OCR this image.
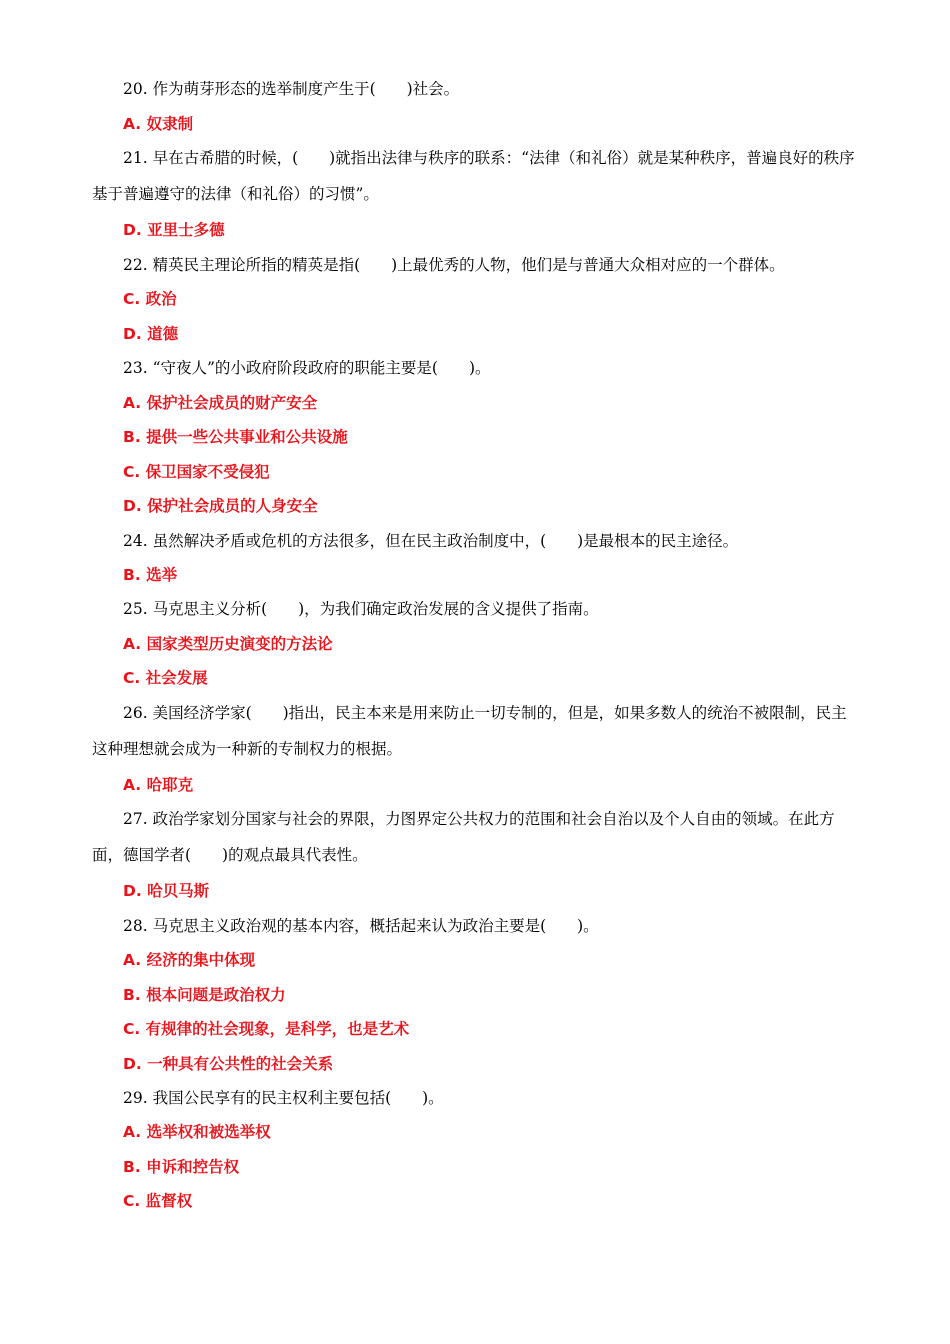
20. 作为萌芽形态的选举制度产生于(　　)社会。
A. 奴隶制
21. 早在古希腊的时候，(　　)就指出法律与秩序的联系：“法律（和礼俗）就是某种秩序，普遍良好的秩序基于普遍遵守的法律（和礼俗）的习惯”。
D. 亚里士多德
22. 精英民主理论所指的精英是指(　　)上最优秀的人物，他们是与普通大众相对应的一个群体。
C. 政治
D. 道德
23. “守夜人”的小政府阶段政府的职能主要是(　　)。
A. 保护社会成员的财产安全
B. 提供一些公共事业和公共设施
C. 保卫国家不受侵犯
D. 保护社会成员的人身安全
24. 虽然解决矛盾或危机的方法很多，但在民主政治制度中，(　　)是最根本的民主途径。
B. 选举
25. 马克思主义分析(　　)，为我们确定政治发展的含义提供了指南。
A. 国家类型历史演变的方法论
C. 社会发展
26. 美国经济学家(　　)指出，民主本来是用来防止一切专制的，但是，如果多数人的统治不被限制，民主这种理想就会成为一种新的专制权力的根据。
A. 哈耶克
27. 政治学家划分国家与社会的界限，力图界定公共权力的范围和社会自治以及个人自由的领域。在此方面，德国学者(　　)的观点最具代表性。
D. 哈贝马斯
28. 马克思主义政治观的基本内容，概括起来认为政治主要是(　　)。
A. 经济的集中体现
B. 根本问题是政治权力
C. 有规律的社会现象，是科学，也是艺术
D. 一种具有公共性的社会关系
29. 我国公民享有的民主权利主要包括(　　)。
A. 选举权和被选举权
B. 申诉和控告权
C. 监督权
